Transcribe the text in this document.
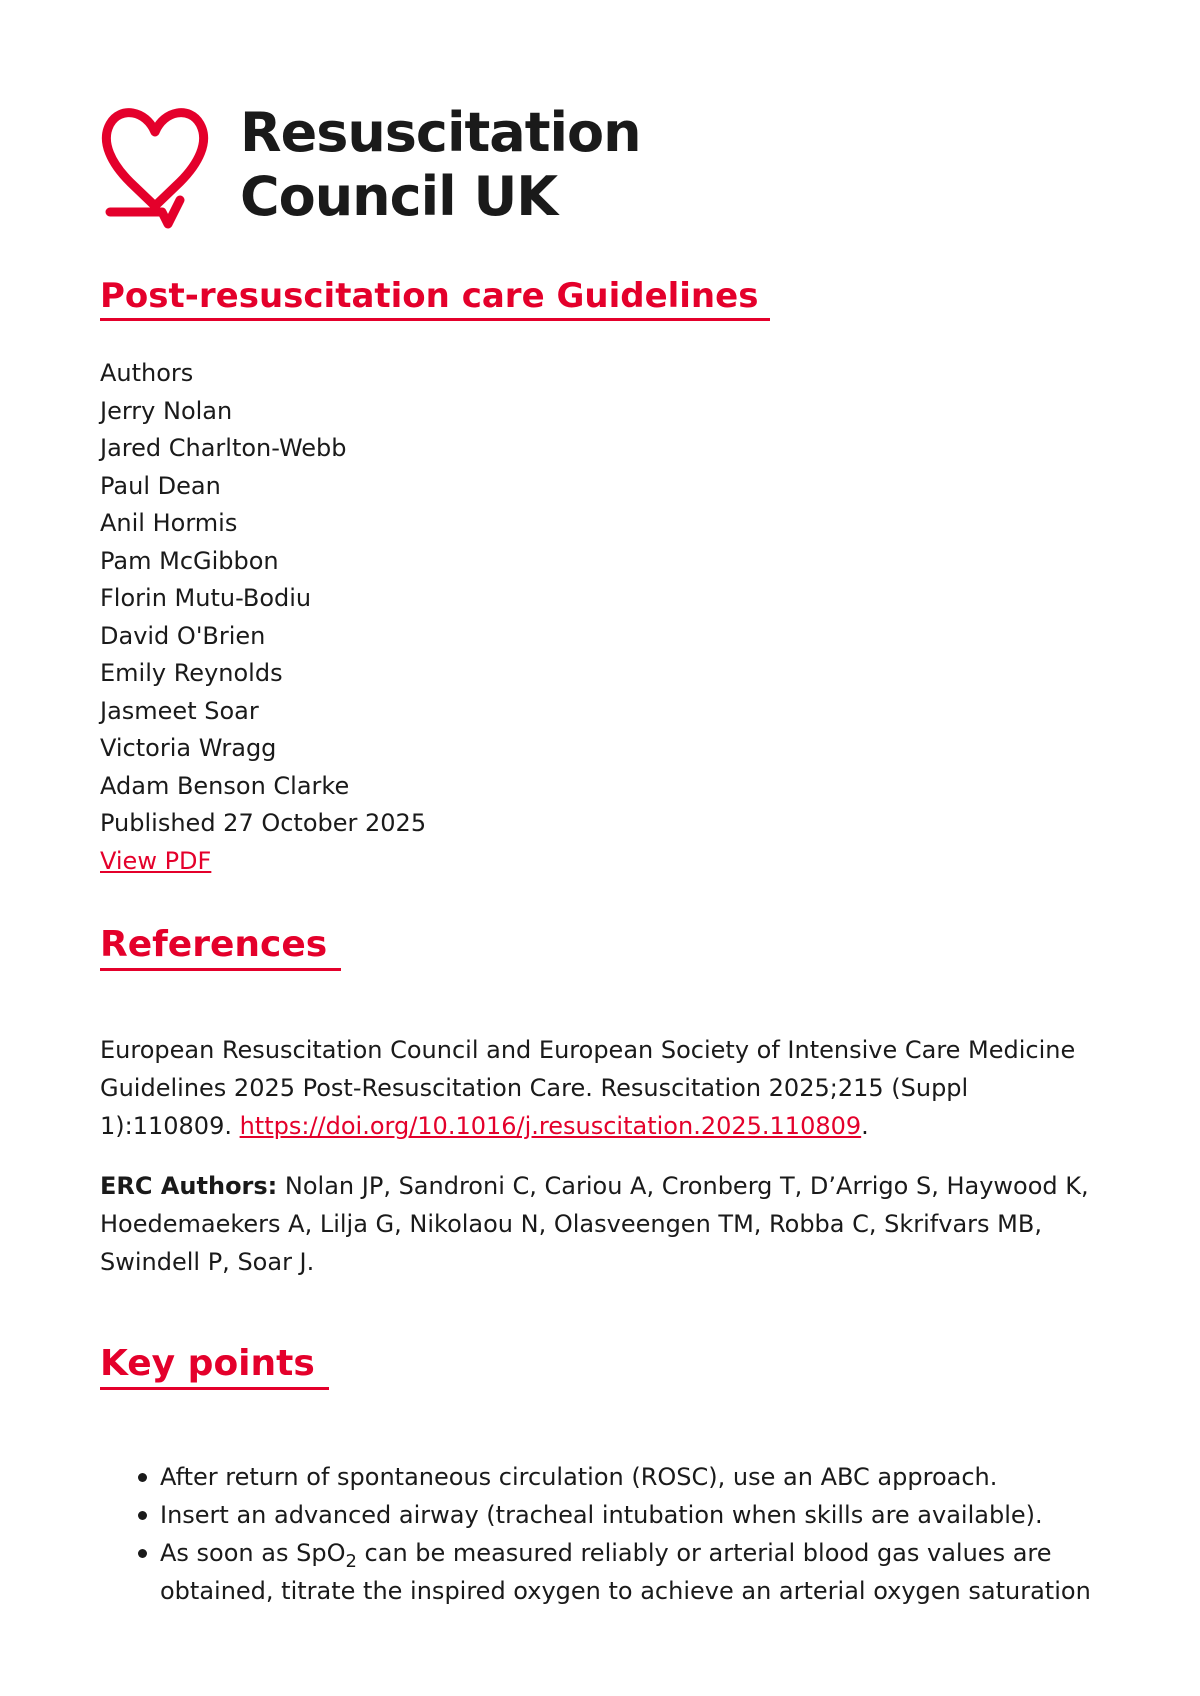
Resuscitation
Council UK
Post-resuscitation care Guidelines
Authors
Jerry Nolan
Jared Charlton-Webb
Paul Dean
Anil Hormis
Pam McGibbon
Florin Mutu-Bodiu
David O'Brien
Emily Reynolds
Jasmeet Soar
Victoria Wragg
Adam Benson Clarke
Published 27 October 2025
View PDF
References

European Resuscitation Council and European Society of Intensive Care Medicine Guidelines 2025 Post-Resuscitation Care. Resuscitation 2025;215 (Suppl 1):110809. https://doi.org/10.1016/j.resuscitation.2025.110809.

ERC Authors: Nolan JP, Sandroni C, Cariou A, Cronberg T, D’Arrigo S, Haywood K, Hoedemaekers A, Lilja G, Nikolaou N, Olasveengen TM, Robba C, Skrifvars MB, Swindell P, Soar J.

Key points
After return of spontaneous circulation (ROSC), use an ABC approach.
Insert an advanced airway (tracheal intubation when skills are available).
As soon as SpO$_2$ can be measured reliably or arterial blood gas values are obtained, titrate the inspired oxygen to achieve an arterial oxygen saturation
